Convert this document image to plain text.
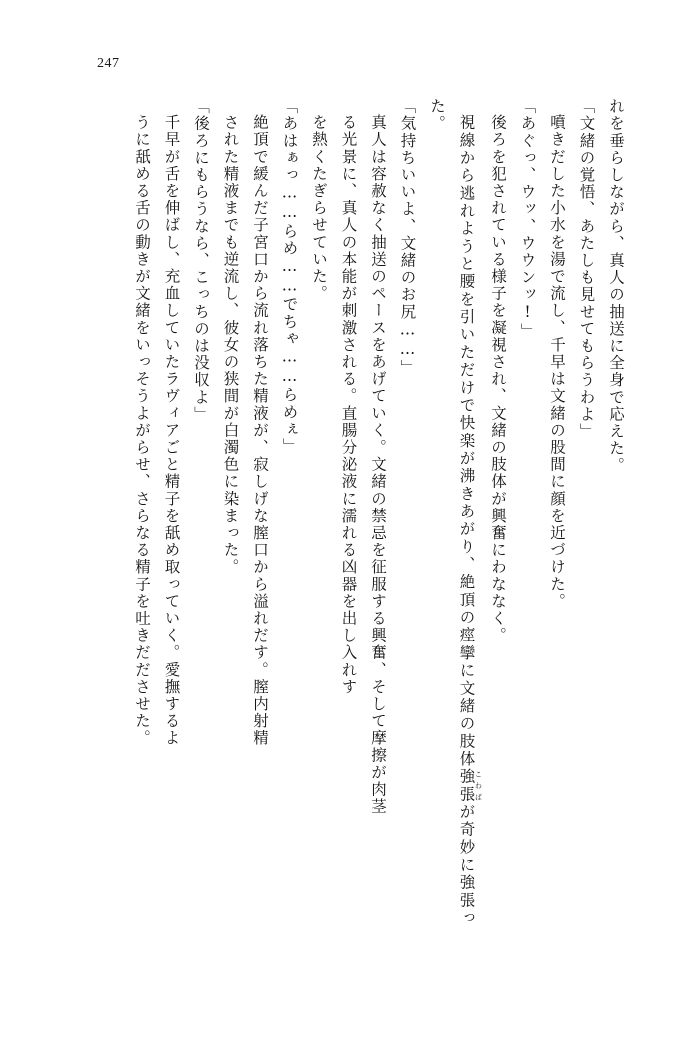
247

れを垂らしながら、真人の抽送に全身で応えた。

「文緒の覚悟、あたしも見せてもらうわよ」

噴きだした小水を湯で流し、千早は文緒の股間に顔を近づけた。

「あぐっ、ウッ、ウウンッ!」

後ろを犯されている様子を凝視され、文緒の肢体が興奮にわななく。

視線から逃れようと腰を引いただけで快楽が沸きあがり、絶頂の痙攣に文緒の肢体強張 こわばが奇妙に強張った。

「気持ちいいよ、文緒のお尻……」

真人は容赦なく抽送のペースをあげていく。文緒の禁忌を征服する興奮、そして摩擦が肉茎

る光景に、真人の本能が刺激される。直腸分泌液に濡れる凶器を出し入れす

を熱くたぎらせていた。

「あはぁっ……らめ……でちゃ……らめぇ」

絶頂で緩んだ子宮口から流れ落ちた精液が、寂しげな膣口から溢れだす。膣内射精

された精液までも逆流し、彼女の狭間が白濁色に染まった。

「後ろにもらうなら、こっちのは没収よ」

千早が舌を伸ばし、充血していたラヴィアごと精子を舐め取っていく。愛撫するよ

うに舐める舌の動きが文緒をいっそうよがらせ、さらなる精子を吐きだださせた。
